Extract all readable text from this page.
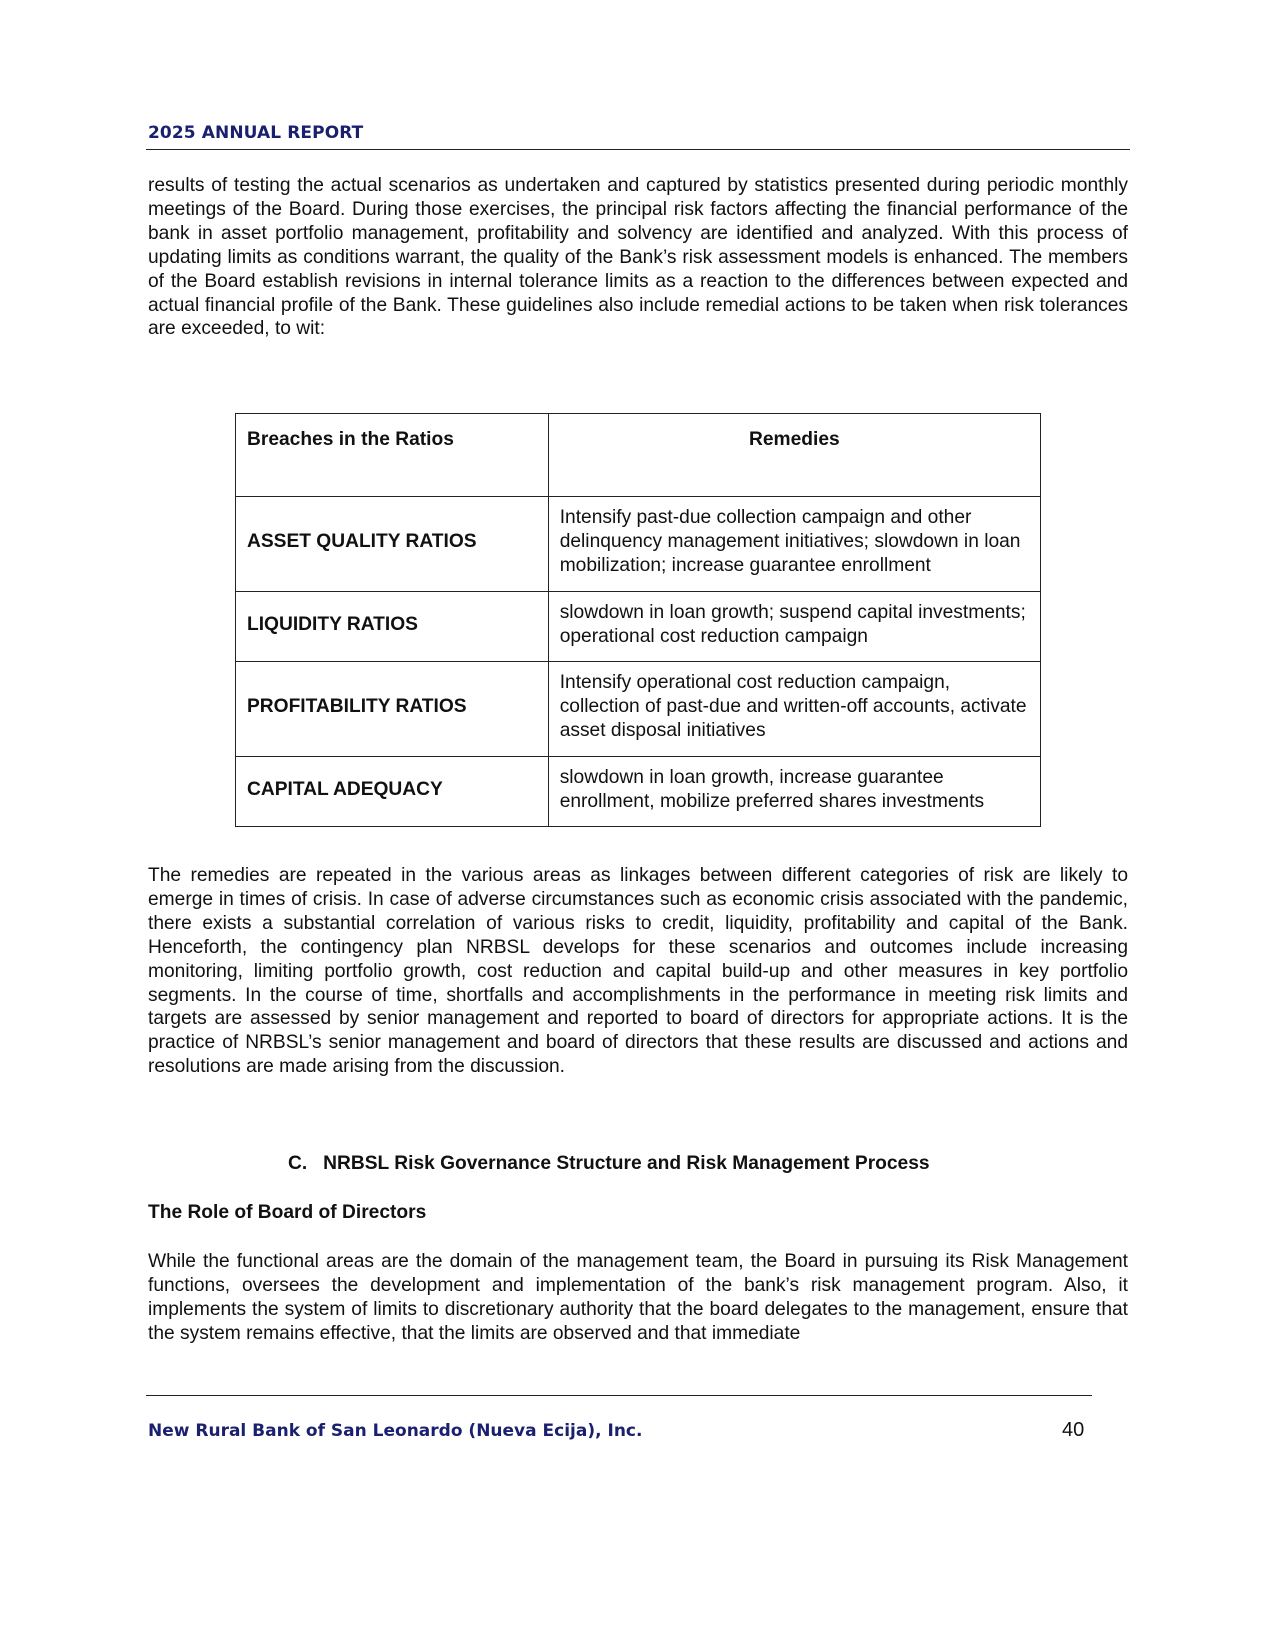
2025 ANNUAL REPORT

results of testing the actual scenarios as undertaken and captured by statistics presented during periodic monthly meetings of the Board. During those exercises, the principal risk factors affecting the financial performance of the bank in asset portfolio management, profitability and solvency are identified and analyzed. With this process of updating limits as conditions warrant, the quality of the Bank’s risk assessment models is enhanced. The members of the Board establish revisions in internal tolerance limits as a reaction to the differences between expected and actual financial profile of the Bank. These guidelines also include remedial actions to be taken when risk tolerances are exceeded, to wit:

Breaches in the Ratios	Remedies
ASSET QUALITY RATIOS	Intensify past-due collection campaign and other delinquency management initiatives; slowdown in loan mobilization; increase guarantee enrollment
LIQUIDITY RATIOS	slowdown in loan growth; suspend capital investments; operational cost reduction campaign
PROFITABILITY RATIOS	Intensify operational cost reduction campaign, collection of past-due and written-off accounts, activate asset disposal initiatives
CAPITAL ADEQUACY	slowdown in loan growth, increase guarantee enrollment, mobilize preferred shares investments

The remedies are repeated in the various areas as linkages between different categories of risk are likely to emerge in times of crisis. In case of adverse circumstances such as economic crisis associated with the pandemic, there exists a substantial correlation of various risks to credit, liquidity, profitability and capital of the Bank. Henceforth, the contingency plan NRBSL develops for these scenarios and outcomes include increasing monitoring, limiting portfolio growth, cost reduction and capital build-up and other measures in key portfolio segments. In the course of time, shortfalls and accomplishments in the performance in meeting risk limits and targets are assessed by senior management and reported to board of directors for appropriate actions. It is the practice of NRBSL’s senior management and board of directors that these results are discussed and actions and resolutions are made arising from the discussion.

C.   NRBSL Risk Governance Structure and Risk Management Process
The Role of Board of Directors

While the functional areas are the domain of the management team, the Board in pursuing its Risk Management functions, oversees the development and implementation of the bank’s risk management program. Also, it implements the system of limits to discretionary authority that the board delegates to the management, ensure that the system remains effective, that the limits are observed and that immediate

New Rural Bank of San Leonardo (Nueva Ecija), Inc.	40
